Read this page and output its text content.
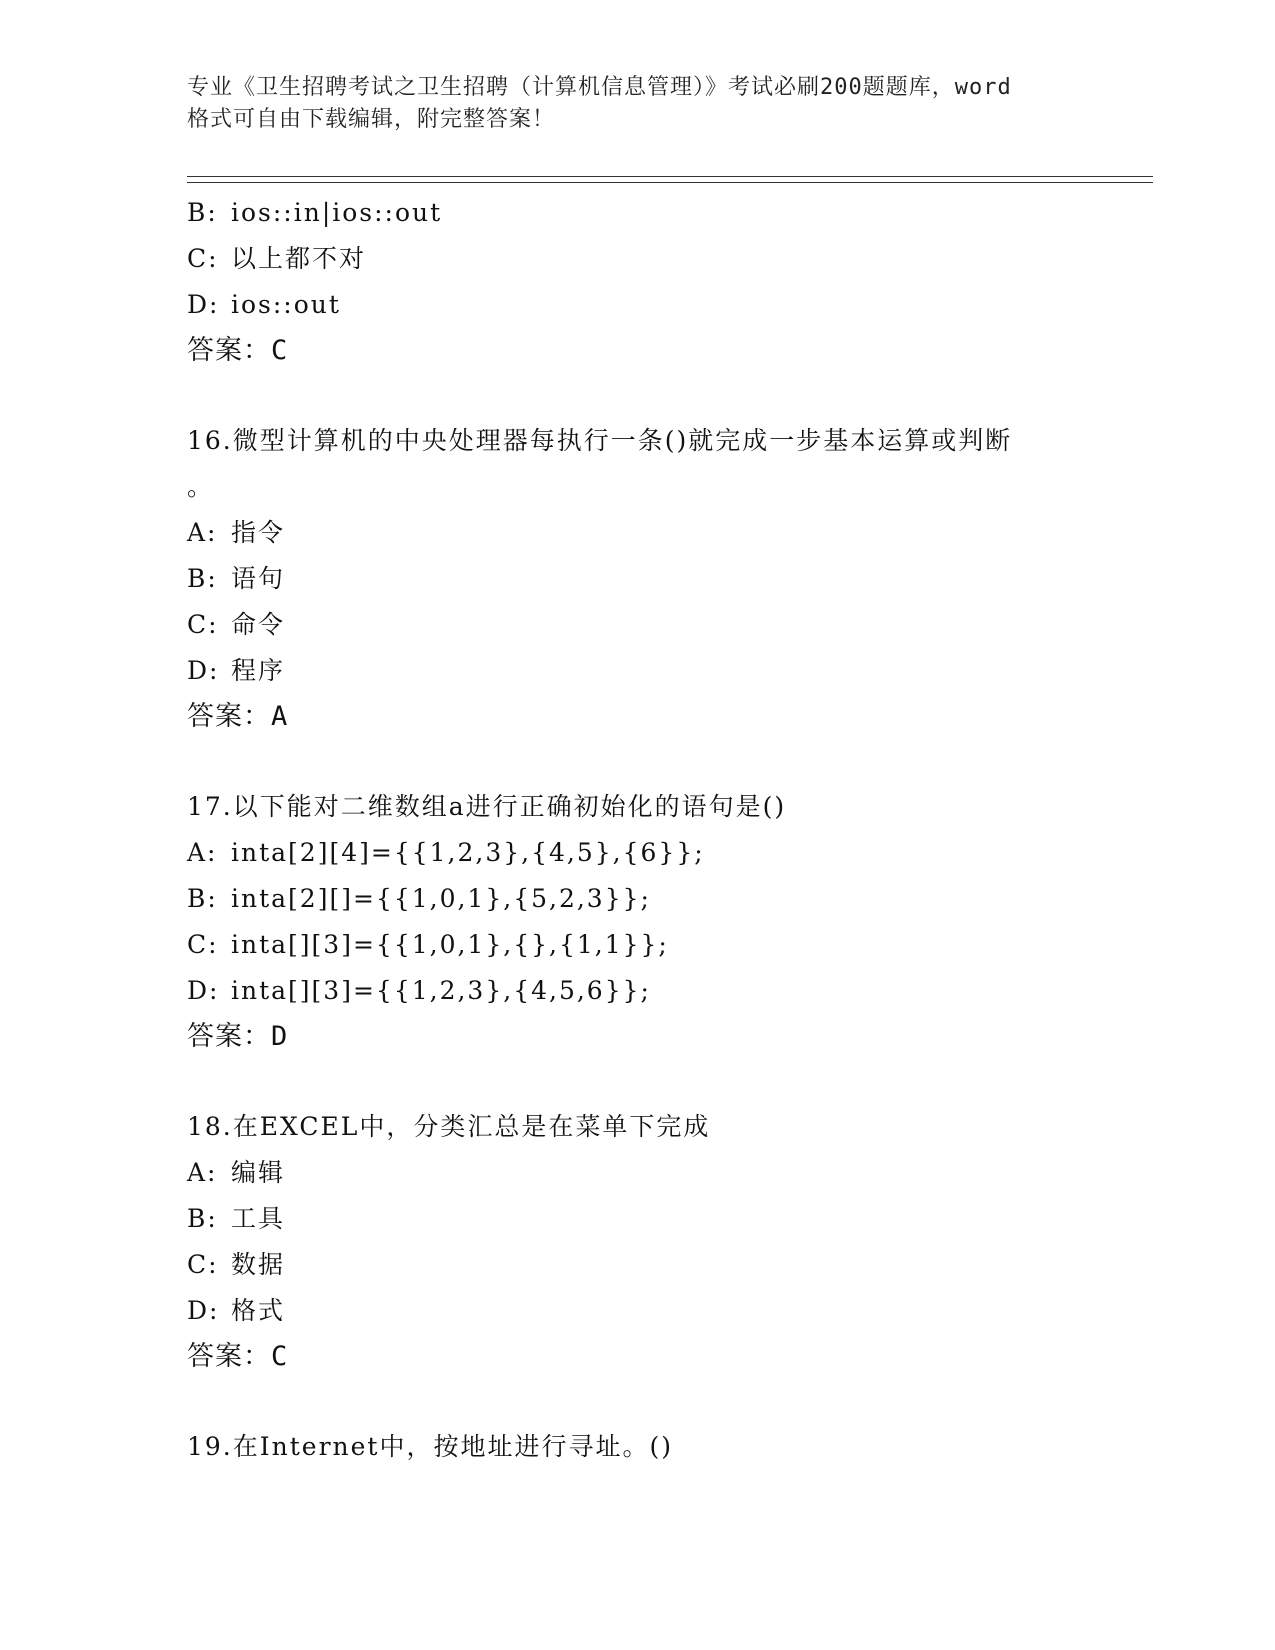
专业《卫生招聘考试之卫生招聘（计算机信息管理）》考试必刷200题题库，word
格式可自由下载编辑，附完整答案！
B: ios::in|ios::out
C: 以上都不对
D: ios::out
答案：C
16.微型计算机的中央处理器每执行一条()就完成一步基本运算或判断
。
A: 指令
B: 语句
C: 命令
D: 程序
答案：A
17.以下能对二维数组a进行正确初始化的语句是()
A: inta[2][4]={{1,2,3},{4,5},{6}};
B: inta[2][]={{1,0,1},{5,2,3}};
C: inta[][3]={{1,0,1},{},{1,1}};
D: inta[][3]={{1,2,3},{4,5,6}};
答案：D
18.在EXCEL中，分类汇总是在菜单下完成
A: 编辑
B: 工具
C: 数据
D: 格式
答案：C
19.在Internet中，按地址进行寻址。()
